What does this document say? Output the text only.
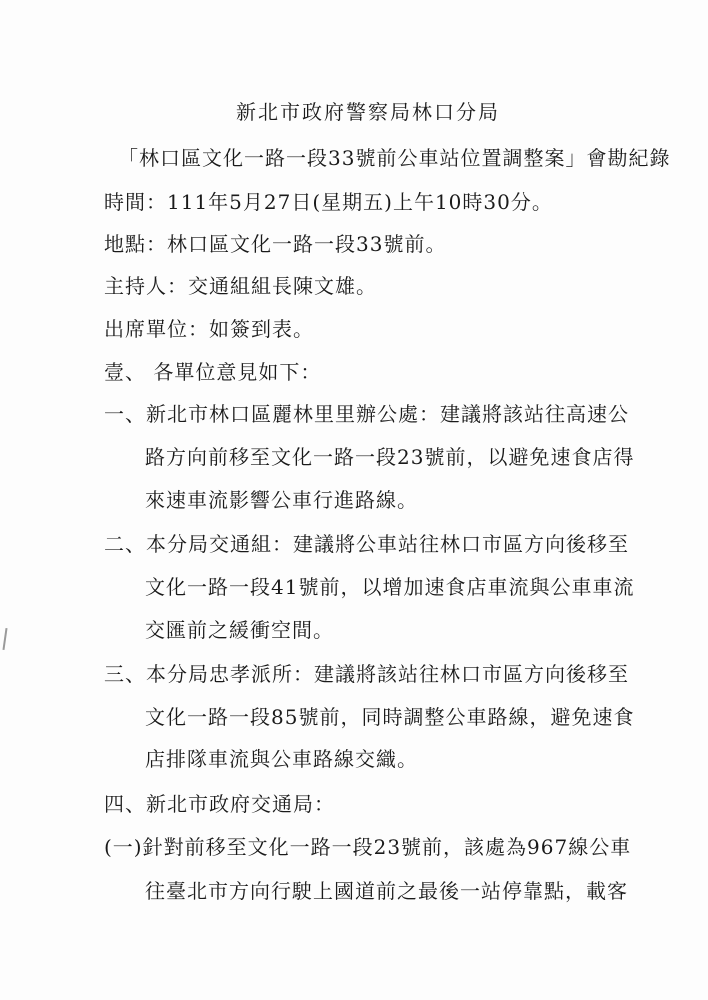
新北市政府警察局林口分局
「林口區文化一路一段33號前公車站位置調整案」會勘紀錄
時間：111年5月27日(星期五)上午10時30分。
地點：林口區文化一路一段33號前。
主持人：交通組組長陳文雄。
出席單位：如簽到表。
壹、 各單位意見如下：
一、新北市林口區麗林里里辦公處：建議將該站往高速公
路方向前移至文化一路一段23號前，以避免速食店得
來速車流影響公車行進路線。
二、本分局交通組：建議將公車站往林口市區方向後移至
文化一路一段41號前，以增加速食店車流與公車車流
交匯前之緩衝空間。
三、本分局忠孝派所：建議將該站往林口市區方向後移至
文化一路一段85號前，同時調整公車路線，避免速食
店排隊車流與公車路線交織。
四、新北市政府交通局：
(一)針對前移至文化一路一段23號前，該處為967線公車
往臺北市方向行駛上國道前之最後一站停靠點，載客
